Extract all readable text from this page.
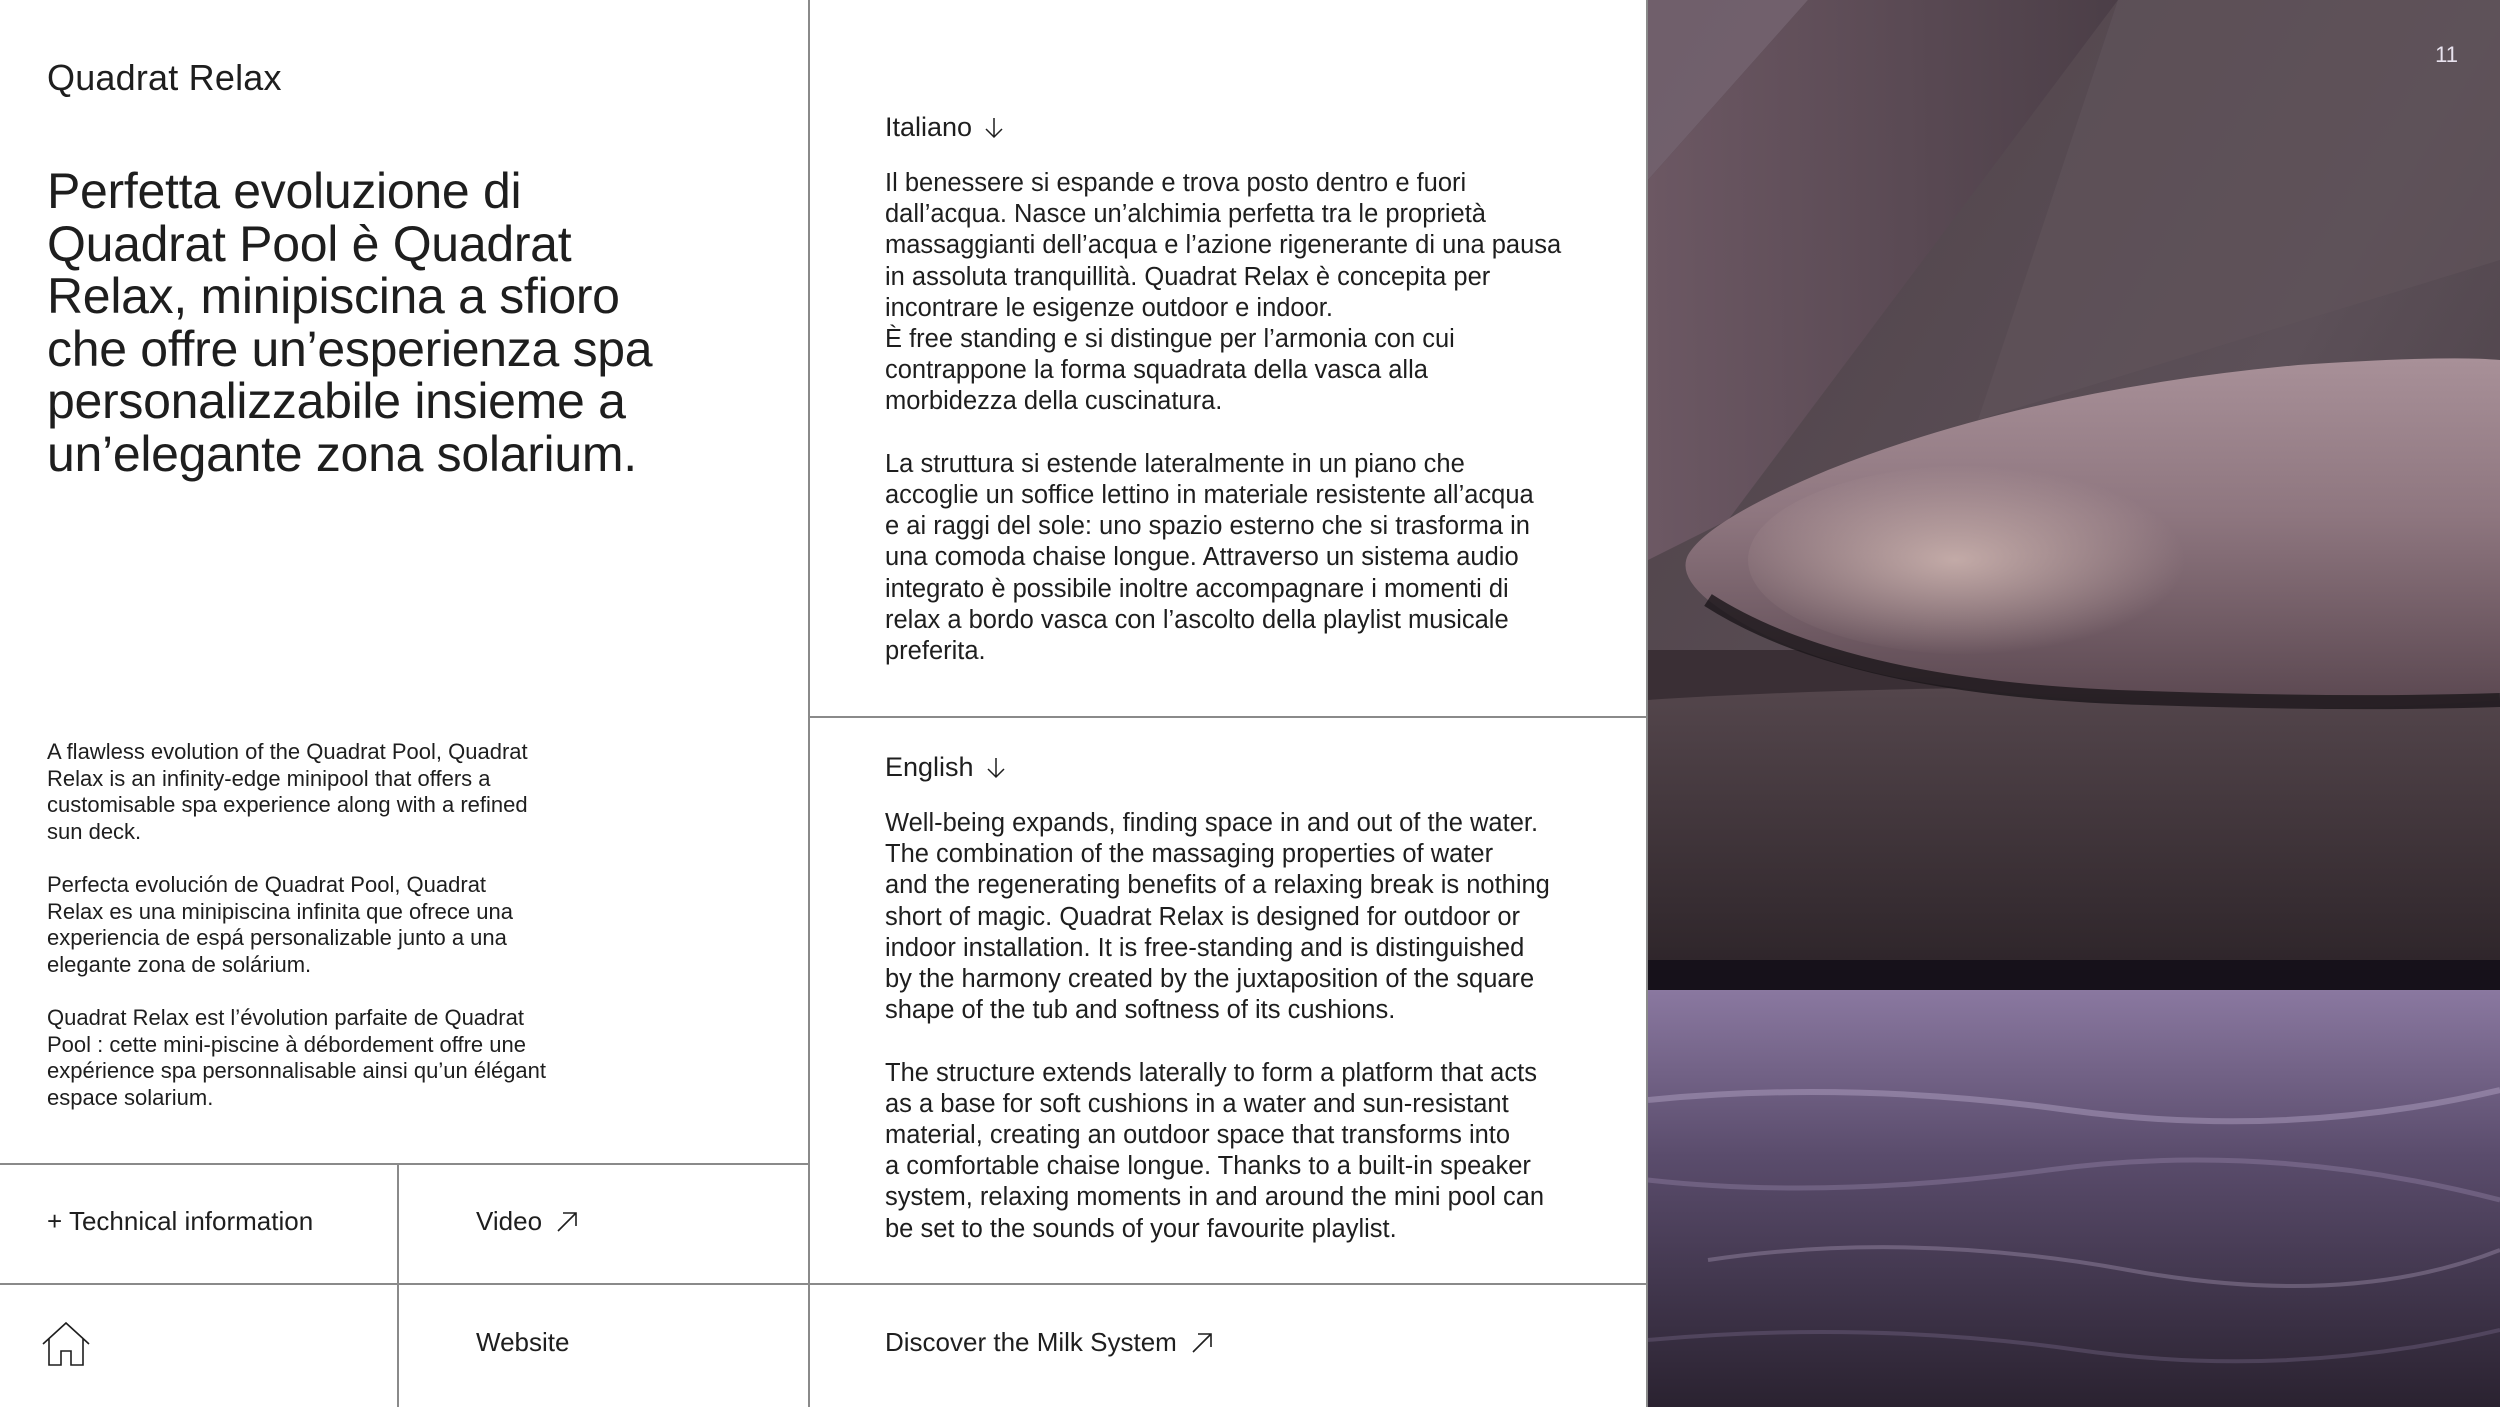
Quadrat Relax
Perfetta evoluzione di Quadrat Pool è Quadrat Relax, minipiscina a sfioro che offre un’esperienza spa personalizzabile insieme a un’elegante zona solarium.
A flawless evolution of the Quadrat Pool, Quadrat
Relax is an infinity-edge minipool that offers a
customisable spa experience along with a refined
sun deck.
Perfecta evolución de Quadrat Pool, Quadrat
Relax es una minipiscina infinita que ofrece una
experiencia de espá personalizable junto a una
elegante zona de solárium.
Quadrat Relax est l’évolution parfaite de Quadrat
Pool : cette mini-piscine à débordement offre une
expérience spa personnalisable ainsi qu’un élégant
espace solarium.
+ Technical information	Video
Website
Italiano
Il benessere si espande e trova posto dentro e fuori
dall’acqua. Nasce un’alchimia perfetta tra le proprietà
massaggianti dell’acqua e l’azione rigenerante di una pausa
in assoluta tranquillità. Quadrat Relax è concepita per
incontrare le esigenze outdoor e indoor.
È free standing e si distingue per l’armonia con cui
contrappone la forma squadrata della vasca alla
morbidezza della cuscinatura.

La struttura si estende lateralmente in un piano che
accoglie un soffice lettino in materiale resistente all’acqua
e ai raggi del sole: uno spazio esterno che si trasforma in
una comoda chaise longue. Attraverso un sistema audio
integrato è possibile inoltre accompagnare i momenti di
relax a bordo vasca con l’ascolto della playlist musicale
preferita.
English
Well-being expands, finding space in and out of the water.
The combination of the massaging properties of water
and the regenerating benefits of a relaxing break is nothing
short of magic. Quadrat Relax is designed for outdoor or
indoor installation. It is free-standing and is distinguished
by the harmony created by the juxtaposition of the square
shape of the tub and softness of its cushions.

The structure extends laterally to form a platform that acts
as a base for soft cushions in a water and sun-resistant
material, creating an outdoor space that transforms into
a comfortable chaise longue. Thanks to a built-in speaker
system, relaxing moments in and around the mini pool can
be set to the sounds of your favourite playlist.
Discover the Milk System
11
